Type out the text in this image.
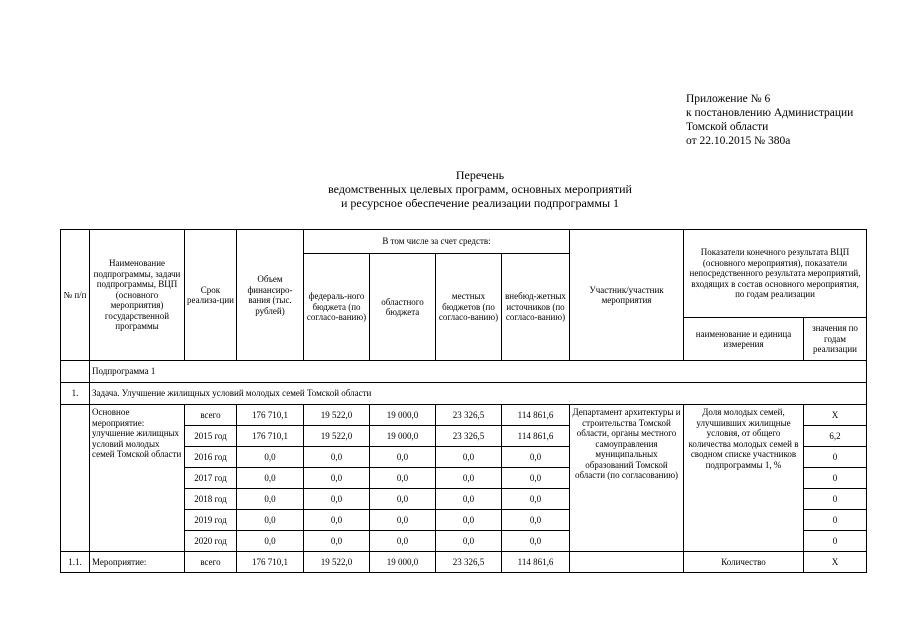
Приложение № 6
к постановлению Администрации
Томской области
от 22.10.2015 № 380а
Перечень
ведомственных целевых программ, основных мероприятий
и ресурсное обеспечение реализации подпрограммы 1
№ п/п	Наименование подпрограммы, задачи подпрограммы, ВЦП (основного мероприятия) государственной программы	Срок реализа-ции	Объем финансиро-вания (тыс. рублей)	В том числе за счет средств:				Участник/участник мероприятия	Показатели конечного результата ВЦП (основного мероприятия), показатели непосредственного результата мероприятий, входящих в состав основного мероприятия, по годам реализации	
				федераль-ного бюджета (по согласо-ванию)	областного бюджета	местных бюджетов (по согласо-ванию)	внебюд-жетных источников (по согласо-ванию)			
									наименование и единица измерения	значения по годам реализации
	Подпрограмма 1									
1.	Задача. Улучшение жилищных условий молодых семей Томской области									

	Основное мероприятие: улучшение жилищных условий молодых семей Томской области	всего	176 710,1	19 522,0	19 000,0	23 326,5	114 861,6	Департамент архитектуры и строительства Томской области, органы местного самоуправления муниципальных образований Томской области (по согласованию)	Доля молодых семей, улучшивших жилищные условия, от общего количества молодых семей в сводном списке участников подпрограммы 1, %	X
		2015 год	176 710,1	19 522,0	19 000,0	23 326,5	114 861,6			6,2
		2016 год	0,0	0,0	0,0	0,0	0,0			0
		2017 год	0,0	0,0	0,0	0,0	0,0			0
		2018 год	0,0	0,0	0,0	0,0	0,0			0
		2019 год	0,0	0,0	0,0	0,0	0,0			0
		2020 год	0,0	0,0	0,0	0,0	0,0			0
1.1.	Мероприятие:	всего	176 710,1	19 522,0	19 000,0	23 326,5	114 861,6		Количество	X
